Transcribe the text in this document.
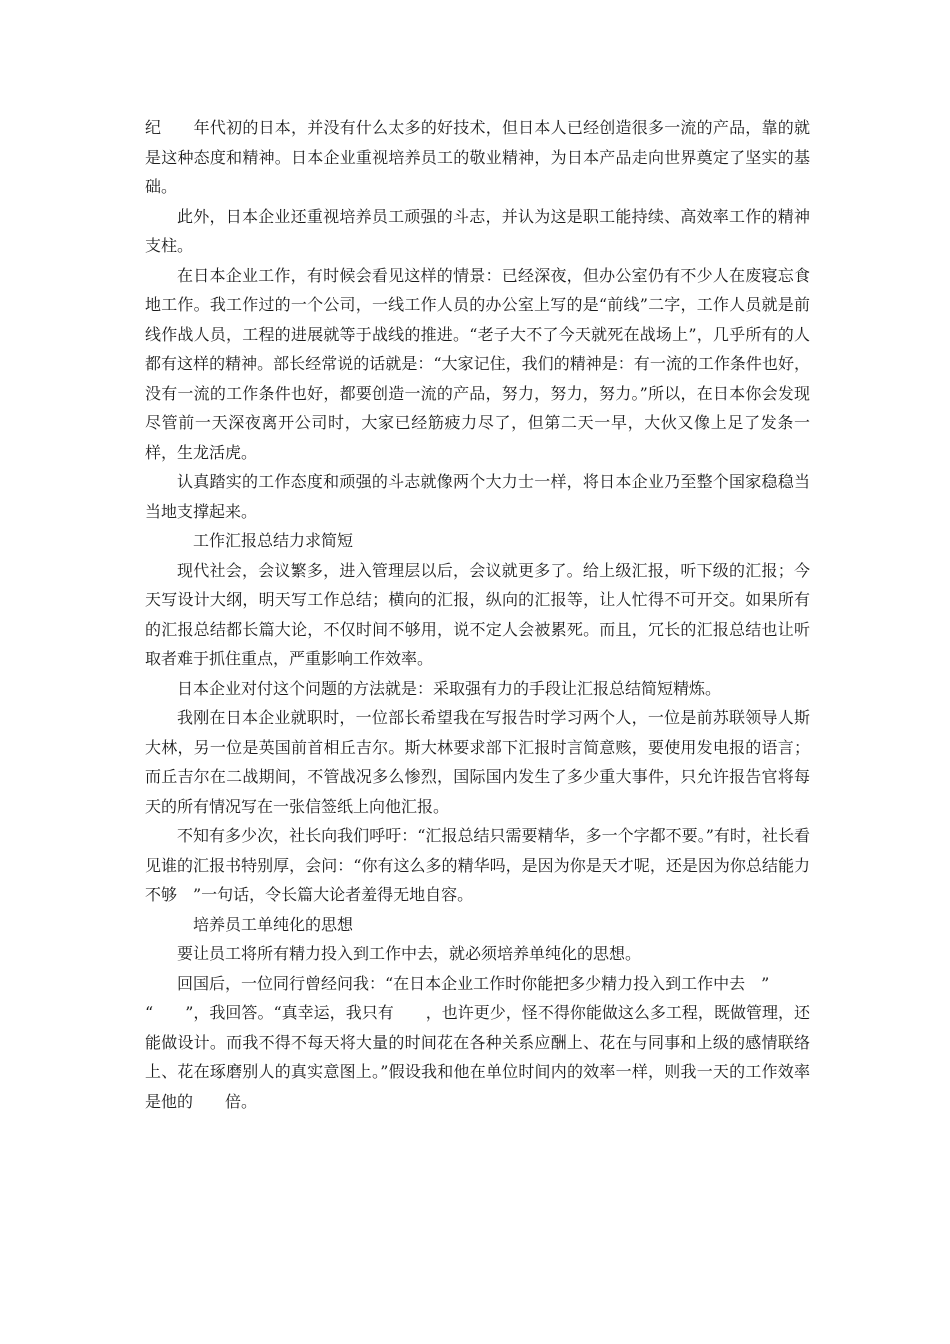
纪　　年代初的日本，并没有什么太多的好技术，但日本人已经创造很多一流的产品，靠的就是这种态度和精神。日本企业重视培养员工的敬业精神，为日本产品走向世界奠定了坚实的基础。

此外，日本企业还重视培养员工顽强的斗志，并认为这是职工能持续、高效率工作的精神支柱。

在日本企业工作，有时候会看见这样的情景：已经深夜，但办公室仍有不少人在废寝忘食地工作。我工作过的一个公司，一线工作人员的办公室上写的是“前线”二字，工作人员就是前线作战人员，工程的进展就等于战线的推进。“老子大不了今天就死在战场上”，几乎所有的人都有这样的精神。部长经常说的话就是：“大家记住，我们的精神是：有一流的工作条件也好，没有一流的工作条件也好，都要创造一流的产品，努力，努力，努力。”所以，在日本你会发现尽管前一天深夜离开公司时，大家已经筋疲力尽了，但第二天一早，大伙又像上足了发条一样，生龙活虎。

认真踏实的工作态度和顽强的斗志就像两个大力士一样，将日本企业乃至整个国家稳稳当当地支撑起来。

工作汇报总结力求简短

现代社会，会议繁多，进入管理层以后，会议就更多了。给上级汇报，听下级的汇报；今天写设计大纲，明天写工作总结；横向的汇报，纵向的汇报等，让人忙得不可开交。如果所有的汇报总结都长篇大论，不仅时间不够用，说不定人会被累死。而且，冗长的汇报总结也让听取者难于抓住重点，严重影响工作效率。

日本企业对付这个问题的方法就是：采取强有力的手段让汇报总结简短精炼。

我刚在日本企业就职时，一位部长希望我在写报告时学习两个人，一位是前苏联领导人斯大林，另一位是英国前首相丘吉尔。斯大林要求部下汇报时言简意赅，要使用发电报的语言；而丘吉尔在二战期间，不管战况多么惨烈，国际国内发生了多少重大事件，只允许报告官将每天的所有情况写在一张信签纸上向他汇报。

不知有多少次，社长向我们呼吁：“汇报总结只需要精华，多一个字都不要。”有时，社长看见谁的汇报书特别厚，会问：“你有这么多的精华吗，是因为你是天才呢，还是因为你总结能力不够　”一句话，令长篇大论者羞得无地自容。

培养员工单纯化的思想

要让员工将所有精力投入到工作中去，就必须培养单纯化的思想。

回国后，一位同行曾经问我：“在日本企业工作时你能把多少精力投入到工作中去　”

“　　”，我回答。“真幸运，我只有　　，也许更少，怪不得你能做这么多工程，既做管理，还能做设计。而我不得不每天将大量的时间花在各种关系应酬上、花在与同事和上级的感情联络上、花在琢磨别人的真实意图上。”假设我和他在单位时间内的效率一样，则我一天的工作效率是他的　　倍。
